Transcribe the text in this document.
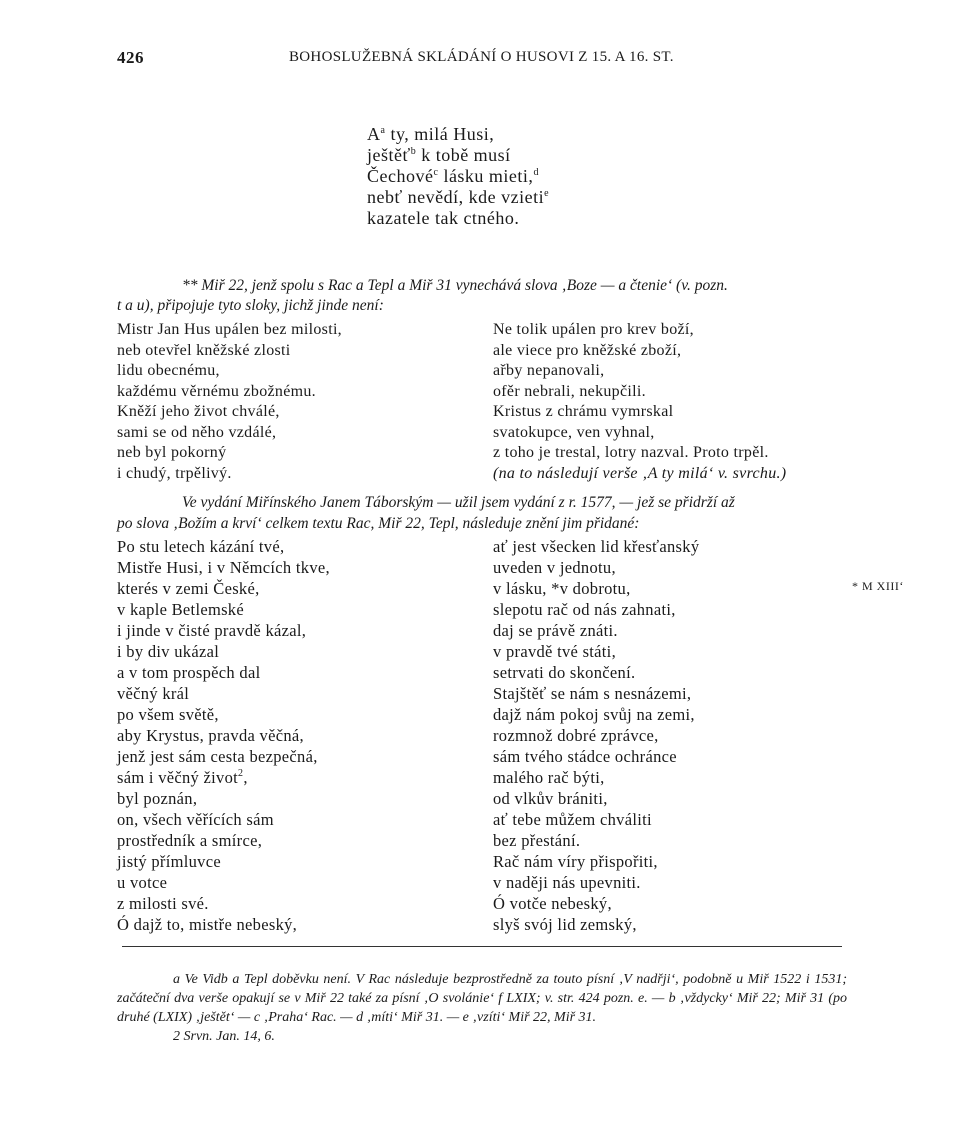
426	BOHOSLUŽEBNÁ SKLÁDÁNÍ O HUSOVI Z 15. A 16. ST.
$A^a$ ty, milá Husi,
ještěť$^b$ k tobě musí
Čechové$^c$ lásku mieti,$^d$
nebť nevědí, kde vzieti$^e$
kazatele tak ctného.
** Miř 22, jenž spolu s Rac a Tepl a Miř 31 vynechává slova ‚Boze — a čtenie‘ (v. pozn.
t a u), připojuje tyto sloky, jichž jinde není:
Mistr Jan Hus upálen bez milosti,
neb otevřel kněžské zlosti
lidu obecnému,
každému věrnému zbožnému.
Kněží jeho život chválé,
sami se od něho vzdálé,
neb byl pokorný
i chudý, trpělivý.
Ne tolik upálen pro krev boží,
ale viece pro kněžské zboží,
ařby nepanovali,
ofěr nebrali, nekupčili.
Kristus z chrámu vymrskal
svatokupce, ven vyhnal,
z toho je trestal, lotry nazval. Proto trpěl.
(na to následují verše ‚A ty milá‘ v. svrchu.)
Ve vydání Miřínského Janem Táborským — užil jsem vydání z r. 1577, — jež se přidrží až
po slova ‚Božím a krví‘ celkem textu Rac, Miř 22, Tepl, následuje znění jim přidané:
Po stu letech kázání tvé,
Mistře Husi, i v Němcích tkve,
kterés v zemi České,
v kaple Betlemské
i jinde v čisté pravdě kázal,
i by div ukázal
a v tom prospěch dal
věčný král
po všem světě,
aby Krystus, pravda věčná,
jenž jest sám cesta bezpečná,
sám i věčný život$^2$,
byl poznán,
on, všech věřících sám
prostředník a smírce,
jistý přímluvce
u votce
z milosti své.
Ó dajž to, mistře nebeský,
ať jest všecken lid křesťanský
uveden v jednotu,
v lásku, *v dobrotu,
slepotu rač od nás zahnati,
daj se právě znáti.
v pravdě tvé státi,
setrvati do skončení.
Stajštěť se nám s nesnázemi,
dajž nám pokoj svůj na zemi,
rozmnož dobré zprávce,
sám tvého stádce ochránce
malého rač býti,
od vlkův brániti,
ať tebe můžem chváliti
bez přestání.
Rač nám víry přispořiti,
v naději nás upevniti.
Ó votče nebeský,
slyš svój lid zemský,
* M XIII‘

a Ve Vidb a Tepl doběvku není. V Rac následuje bezprostředně za touto písní ‚V nadřji‘, podobně u Miř 1522 i 1531; začáteční dva verše opakují se v Miř 22 také za písní ‚O svolánie‘ f LXIX; v. str. 424 pozn. e. — b ‚vždycky‘ Miř 22; Miř 31 (po druhé (LXIX) ‚ještět‘ — c ‚Praha‘ Rac. — d ‚míti‘ Miř 31. — e ‚vzíti‘ Miř 22, Miř 31.

2 Srvn. Jan. 14, 6.
